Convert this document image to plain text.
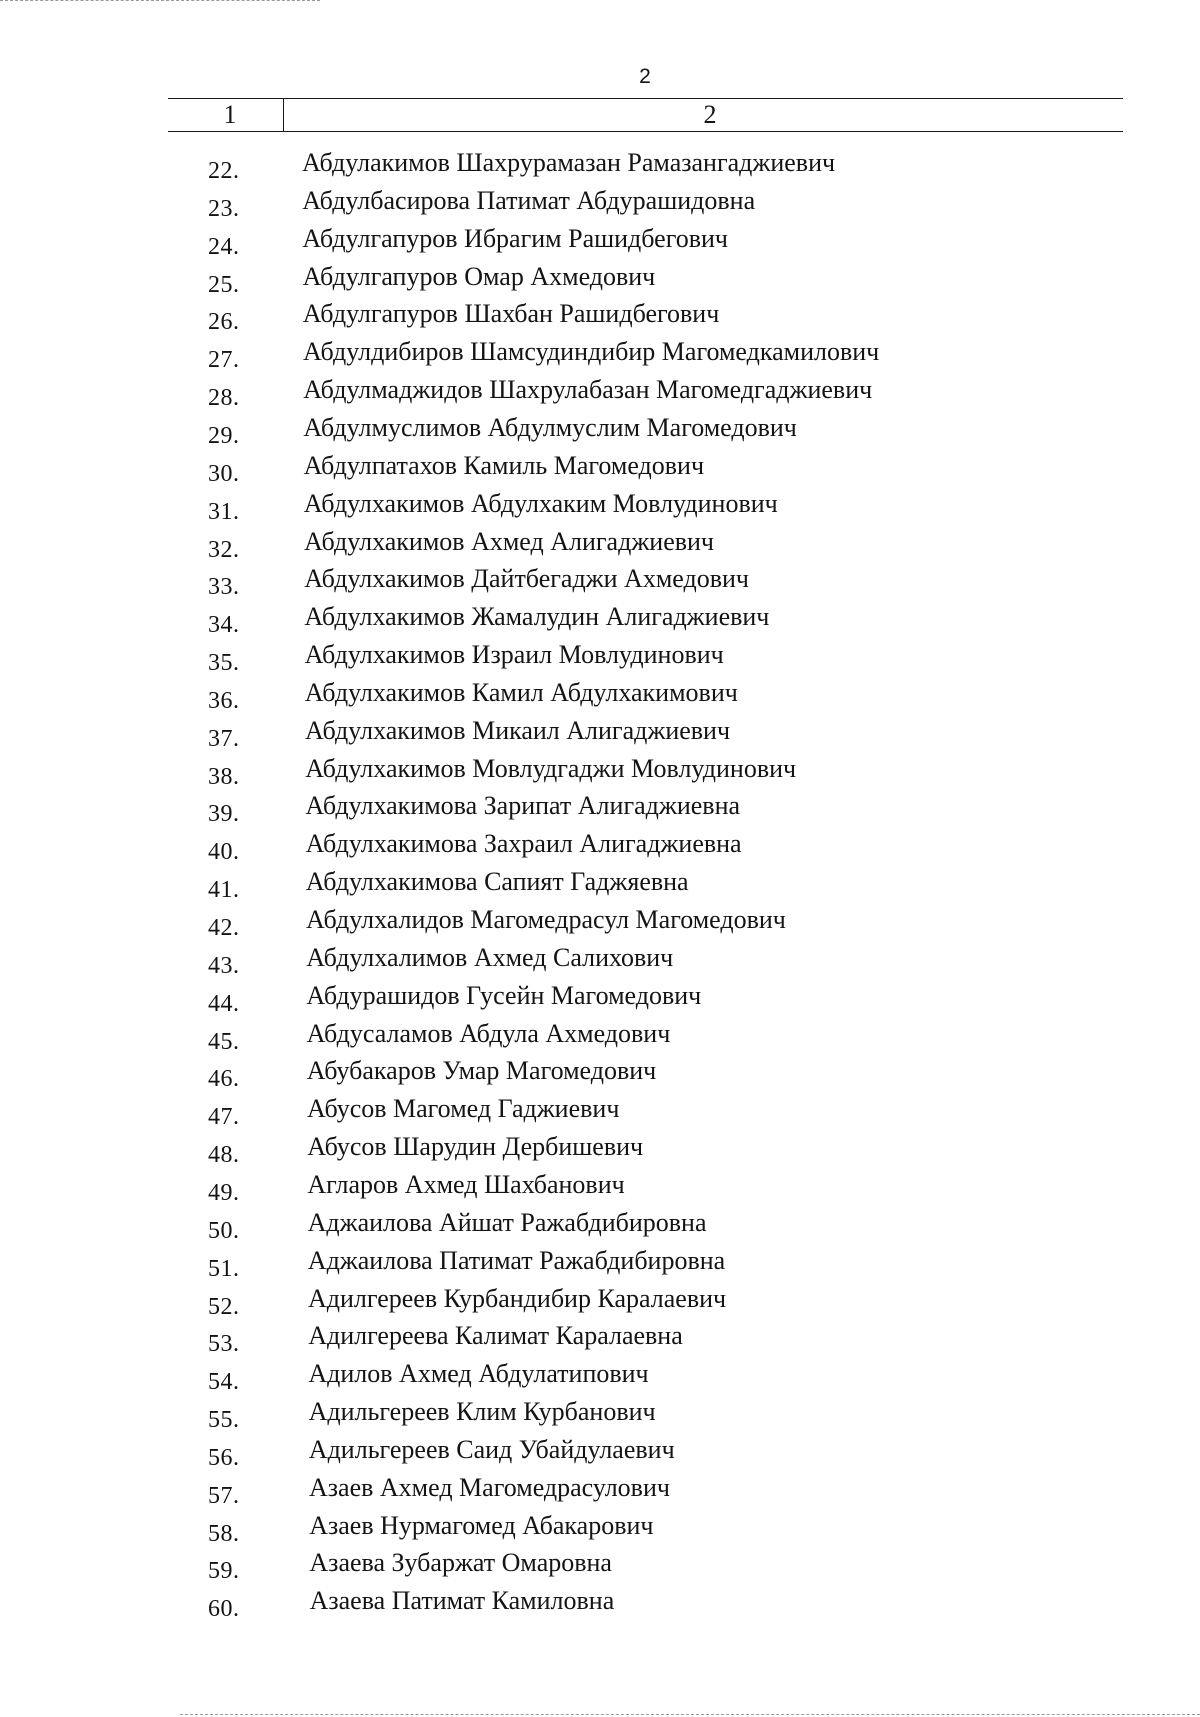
2
1	2
22.	Абдулакимов Шахрурамазан Рамазангаджиевич
23.	Абдулбасирова Патимат Абдурашидовна
24.	Абдулгапуров Ибрагим Рашидбегович
25.	Абдулгапуров Омар Ахмедович
26.	Абдулгапуров Шахбан Рашидбегович
27.	Абдулдибиров Шамсудиндибир Магомедкамилович
28.	Абдулмаджидов Шахрулабазан Магомедгаджиевич
29.	Абдулмуслимов Абдулмуслим Магомедович
30.	Абдулпатахов Камиль Магомедович
31.	Абдулхакимов Абдулхаким Мовлудинович
32.	Абдулхакимов Ахмед Алигаджиевич
33.	Абдулхакимов Дайтбегаджи Ахмедович
34.	Абдулхакимов Жамалудин Алигаджиевич
35.	Абдулхакимов Израил Мовлудинович
36.	Абдулхакимов Камил Абдулхакимович
37.	Абдулхакимов Микаил Алигаджиевич
38.	Абдулхакимов Мовлудгаджи Мовлудинович
39.	Абдулхакимова Зарипат Алигаджиевна
40.	Абдулхакимова Захраил Алигаджиевна
41.	Абдулхакимова Сапият Гаджяевна
42.	Абдулхалидов Магомедрасул Магомедович
43.	Абдулхалимов Ахмед Салихович
44.	Абдурашидов Гусейн Магомедович
45.	Абдусаламов Абдула Ахмедович
46.	Абубакаров Умар Магомедович
47.	Абусов Магомед Гаджиевич
48.	Абусов Шарудин Дербишевич
49.	Агларов Ахмед Шахбанович
50.	Аджаилова Айшат Ражабдибировна
51.	Аджаилова Патимат Ражабдибировна
52.	Адилгереев Курбандибир Каралаевич
53.	Адилгереева Калимат Каралаевна
54.	Адилов Ахмед Абдулатипович
55.	Адильгереев Клим Курбанович
56.	Адильгереев Саид Убайдулаевич
57.	Азаев Ахмед Магомедрасулович
58.	Азаев Нурмагомед Абакарович
59.	Азаева Зубаржат Омаровна
60.	Азаева Патимат Камиловна
